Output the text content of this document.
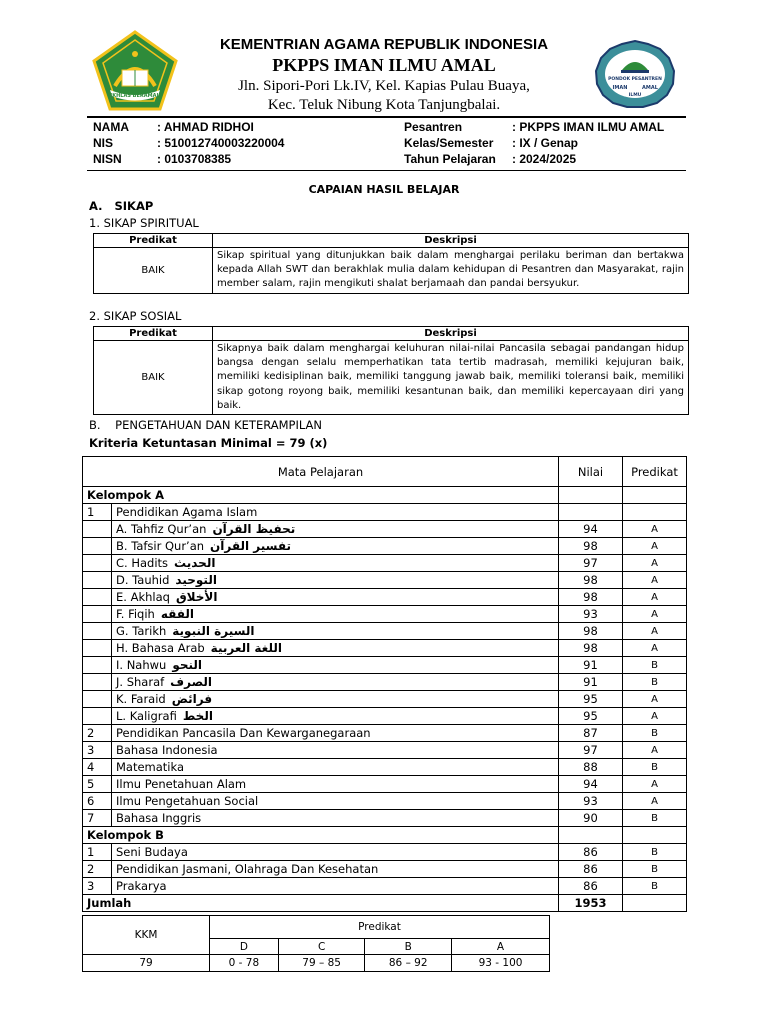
IKHLAS BERAMAL
PONDOK PESANTREN
IMAN	AMAL
ILMU
KEMENTRIAN AGAMA REPUBLIK INDONESIA
PKPPS IMAN ILMU AMAL
Jln. Sipori-Pori Lk.IV, Kel. Kapias Pulau Buaya,
Kec. Teluk Nibung Kota Tanjungbalai.
NAMA : AHMAD RIDHOI
NIS	: 510012740003220004
NISN	: 0103708385
Pesantren	: PKPPS IMAN ILMU AMAL
Kelas/Semester : IX / Genap
Tahun Pelajaran : 2024/2025
CAPAIAN HASIL BELAJAR
A.   SIKAP
1. SIKAP SPIRITUAL
Predikat	Deskripsi
BAIK	Sikap spiritual yang ditunjukkan baik dalam menghargai perilaku beriman dan bertakwa kepada Allah SWT dan berakhlak mulia dalam kehidupan di Pesantren dan Masyarakat, rajin member salam, rajin mengikuti shalat berjamaah dan pandai bersyukur.
2. SIKAP SOSIAL
Predikat	Deskripsi
BAIK	Sikapnya baik dalam menghargai keluhuran nilai-nilai Pancasila sebagai pandangan hidup bangsa dengan selalu memperhatikan tata tertib madrasah, memiliki kejujuran baik, memiliki kedisiplinan baik, memiliki tanggung jawab baik, memiliki toleransi baik, memiliki sikap gotong royong baik, memiliki kesantunan baik, dan memiliki kepercayaan diri yang baik.
B.    PENGETAHUAN DAN KETERAMPILAN
Kriteria Ketuntasan Minimal = 79 (x)
Mata Pelajaran		Nilai	Predikat
Kelompok A			
1	Pendidikan Agama Islam		
	A. Tahfiz Qur’an تحفيظ القرآن	94	A
	B. Tafsir Qur’an تفسير القرآن	98	A
	C. Hadits الحديث	97	A
	D. Tauhid التوحيد	98	A
	E. Akhlaq الأخلاق	98	A
	F. Fiqih الفقه	93	A
	G. Tarikh السيرة النبوية	98	A
	H. Bahasa Arab اللغة العربية	98	A
	I. Nahwu النحو	91	B
	J. Sharaf الصرف	91	B
	K. Faraid فرائض	95	A
	L. Kaligrafi الخط	95	A
2	Pendidikan Pancasila Dan Kewarganegaraan	87	B
3	Bahasa Indonesia	97	A
4	Matematika	88	B
5	Ilmu Penetahuan Alam	94	A
6	Ilmu Pengetahuan Social	93	A
7	Bahasa Inggris	90	B
Kelompok B			
1	Seni Budaya	86	B
2	Pendidikan Jasmani, Olahraga Dan Kesehatan	86	B
3	Prakarya	86	B
Jumlah		1953	
KKM	Predikat			
	D	C	B	A
79	0 - 78	79 – 85	86 – 92	93 - 100
